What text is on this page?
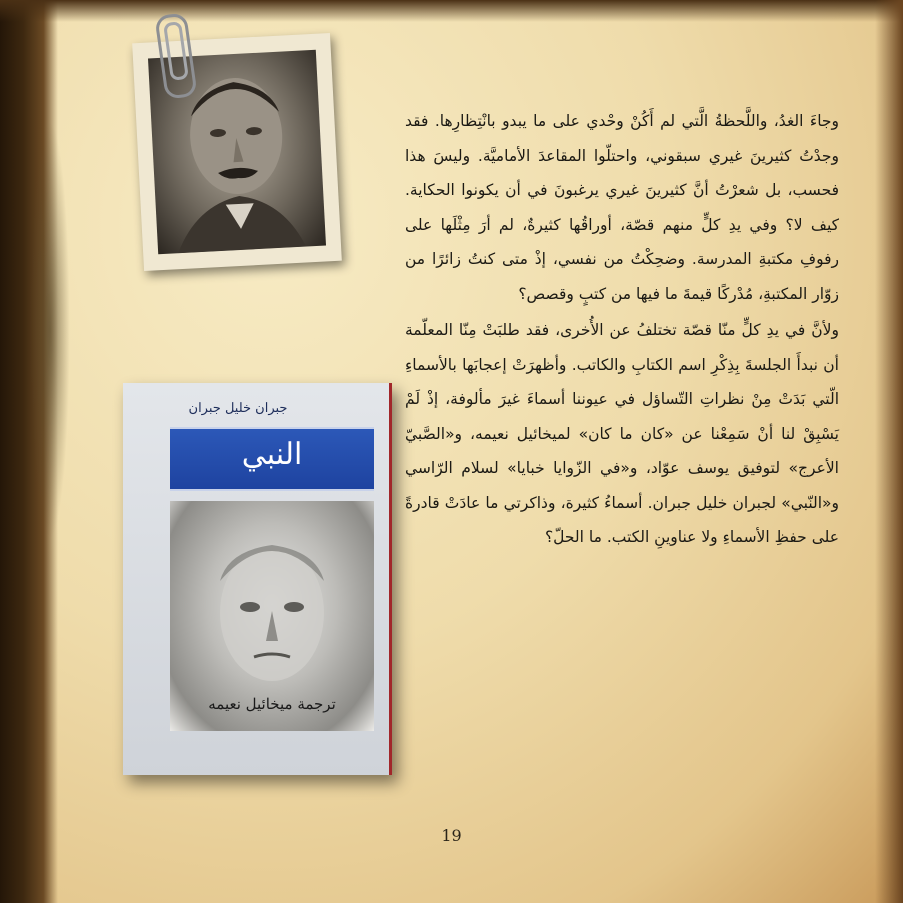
جبران خليل جبران
النبي
ترجمة ميخائيل نعيمه

وجاءَ الغدُ، واللَّحظةُ الَّتي لم أَكُنْ وحْدي على ما يبدو بانْتِظارِها. فقد وجدْتُ كثيرينَ غيري سبقوني، واحتلّوا المقاعدَ الأماميَّة. وليسَ هذا فحسب، بل شعرْتُ أنَّ كثيرينَ غيري يرغبونَ في أن يكونوا الحكاية. كيف لا؟ وفي يدِ كلٍّ منهم قصّة، أوراقُها كثيرةٌ، لم أرَ مِثْلَها على رفوفِ مكتبةِ المدرسة. وضحِكْتُ من نفسي، إذْ متى كنتُ زائرًا من زوّار المكتبةِ، مُدْركًا قيمةَ ما فيها من كتبٍ وقصص؟

ولأنَّ في يدِ كلٍّ منّا قصّة تختلفُ عن الأُخرى، فقد طلبَتْ مِنّا المعلّمة أن نبدأَ الجلسةَ بِذِكْرِ اسم الكتابِ والكاتب. وأظهرَتْ إعجابَها بالأسماءِ الّتي بَدَتْ مِنْ نظراتِ التّساؤل في عيوننا أسماءَ غيرَ مألوفة، إذْ لَمْ يَسْبِقْ لنا أنْ سَمِعْنا عن «كان ما كان» لميخائيل نعيمه، و«الصَّبيّ الأعرج» لتوفيق يوسف عوّاد، و«في الزّوايا خبايا» لسلام الرّاسي و«النّبي» لجبران خليل جبران. أسماءُ كثيرة، وذاكرتي ما عادَتْ قادرةً على حفظِ الأسماءِ ولا عناوينِ الكتب. ما الحلّ؟

19
